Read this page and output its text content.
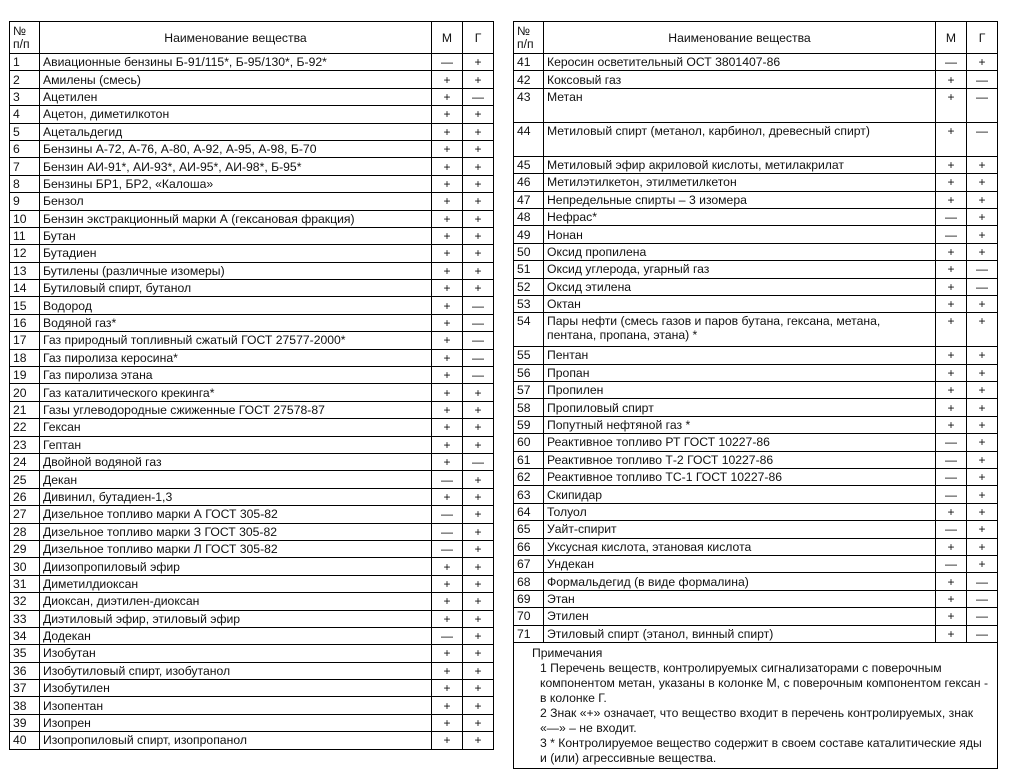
№
п/п	Наименование вещества	М	Г
1	Авиационные бензины Б-91/115*, Б-95/130*, Б-92*	—	+
2	Амилены (смесь)	+	+
3	Ацетилен	+	—
4	Ацетон, диметилкотон	+	+
5	Ацетальдегид	+	+
6	Бензины А-72, А-76, А-80, А-92, А-95, А-98, Б-70	+	+
7	Бензин АИ-91*, АИ-93*, АИ-95*, АИ-98*, Б-95*	+	+
8	Бензины БР1, БР2, «Калоша»	+	+
9	Бензол	+	+
10	Бензин экстракционный марки А (гексановая фракция)	+	+
11	Бутан	+	+
12	Бутадиен	+	+
13	Бутилены (различные изомеры)	+	+
14	Бутиловый спирт, бутанол	+	+
15	Водород	+	—
16	Водяной газ*	+	—
17	Газ природный топливный сжатый ГОСТ 27577-2000*	+	—
18	Газ пиролиза керосина*	+	—
19	Газ пиролиза этана	+	—
20	Газ каталитического крекинга*	+	+
21	Газы углеводородные сжиженные ГОСТ 27578-87	+	+
22	Гексан	+	+
23	Гептан	+	+
24	Двойной водяной газ	+	—
25	Декан	—	+
26	Дивинил, бутадиен-1,3	+	+
27	Дизельное топливо марки А ГОСТ 305-82	—	+
28	Дизельное топливо марки З ГОСТ 305-82	—	+
29	Дизельное топливо марки Л ГОСТ 305-82	—	+
30	Диизопропиловый эфир	+	+
31	Диметилдиоксан	+	+
32	Диоксан, диэтилен-диоксан	+	+
33	Диэтиловый эфир, этиловый эфир	+	+
34	Додекан	—	+
35	Изобутан	+	+
36	Изобутиловый спирт, изобутанол	+	+
37	Изобутилен	+	+
38	Изопентан	+	+
39	Изопрен	+	+
40	Изопропиловый спирт, изопропанол	+	+
№
п/п	Наименование вещества	М	Г
41	Керосин осветительный ОСТ 3801407-86	—	+
42	Коксовый газ	+	—
43	Метан	+	—
44	Метиловый спирт (метанол, карбинол, древесный спирт)	+	—
45	Метиловый эфир акриловой кислоты, метилакрилат	+	+
46	Метилэтилкетон, этилметилкетон	+	+
47	Непредельные спирты – 3 изомера	+	+
48	Нефрас*	—	+
49	Нонан	—	+
50	Оксид пропилена	+	+
51	Оксид углерода, угарный газ	+	—
52	Оксид этилена	+	—
53	Октан	+	+
54	Пары нефти (смесь газов и паров бутана, гексана, метана, пентана, пропана, этана) *	+	+
55	Пентан	+	+
56	Пропан	+	+
57	Пропилен	+	+
58	Пропиловый спирт	+	+
59	Попутный нефтяной газ *	+	+
60	Реактивное топливо РТ ГОСТ 10227-86	—	+
61	Реактивное топливо Т-2 ГОСТ 10227-86	—	+
62	Реактивное топливо ТС-1 ГОСТ 10227-86	—	+
63	Скипидар	—	+
64	Толуол	+	+
65	Уайт-спирит	—	+
66	Уксусная кислота, этановая кислота	+	+
67	Ундекан	—	+
68	Формальдегид (в виде формалина)	+	—
69	Этан	+	—
70	Этилен	+	—
71	Этиловый спирт (этанол, винный спирт)	+	—

Примечания
1 Перечень веществ, контролируемых сигнализаторами с поверочным компонентом метан, указаны в колонке М, с поверочным компонентом гексан - в колонке Г.
2 Знак «+» означает, что вещество входит в перечень контролируемых, знак «—» – не входит.
3 * Контролируемое вещество содержит в своем составе каталитические яды и (или) агрессивные вещества.			
